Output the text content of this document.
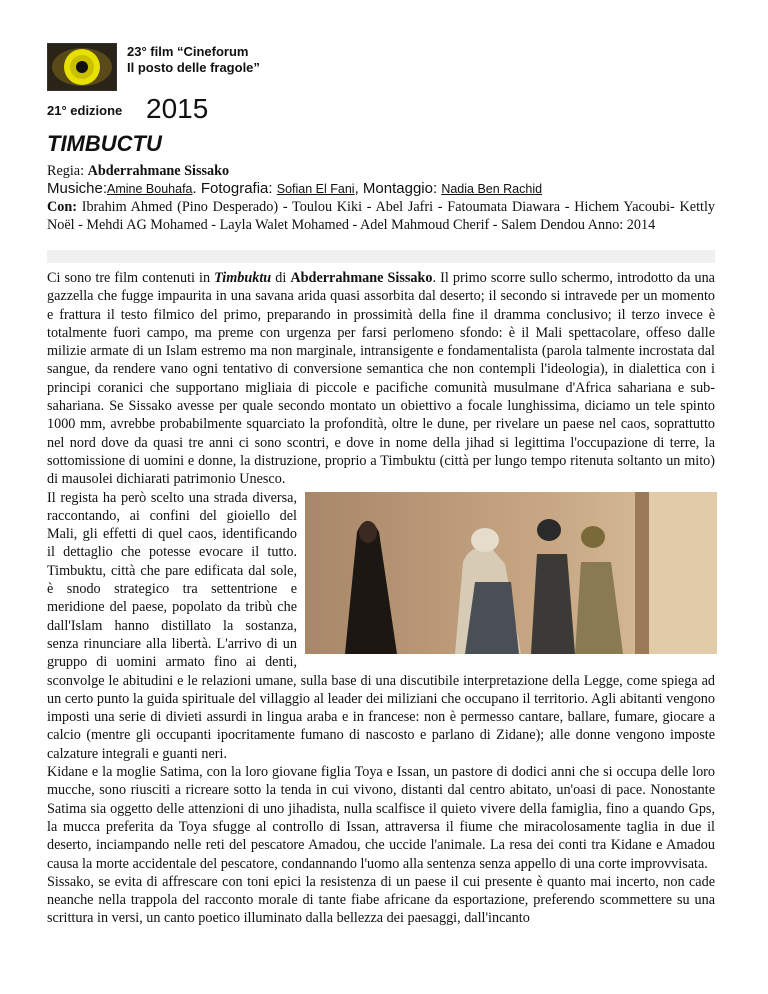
23° film “Cineforum
Il posto delle fragole”
21° edizione 2015
TIMBUCTU

Regia: Abderrahmane Sissako

Musiche:Amine Bouhafa. Fotografia: Sofian El Fani, Montaggio: Nadia Ben Rachid

Con: Ibrahim Ahmed (Pino Desperado) - Toulou Kiki - Abel Jafri - Fatoumata Diawara - Hichem Yacoubi- Kettly Noël - Mehdi AG Mohamed - Layla Walet Mohamed - Adel Mahmoud Cherif - Salem Dendou Anno: 2014

Ci sono tre film contenuti in Timbuktu di Abderrahmane Sissako. Il primo scorre sullo schermo, introdotto da una gazzella che fugge impaurita in una savana arida quasi assorbita dal deserto; il secondo si intravede per un momento e frattura il testo filmico del primo, preparando in prossimità della fine il dramma conclusivo; il terzo invece è totalmente fuori campo, ma preme con urgenza per farsi perlomeno sfondo: è il Mali spettacolare, offeso dalle milizie armate di un Islam estremo ma non marginale, intransigente e fondamentalista (parola talmente incrostata dal sangue, da rendere vano ogni tentativo di conversione semantica che non contempli l'ideologia), in dialettica con i principi coranici che supportano migliaia di piccole e pacifiche comunità musulmane d'Africa sahariana e sub-sahariana. Se Sissako avesse per quale secondo montato un obiettivo a focale lunghissima, diciamo un tele spinto 1000 mm, avrebbe probabilmente squarciato la profondità, oltre le dune, per rivelare un paese nel caos, soprattutto nel nord dove da quasi tre anni ci sono scontri, e dove in nome della jihad si legittima l'occupazione di terre, la sottomissione di uomini e donne, la distruzione, proprio a Timbuktu (città per lungo tempo ritenuta soltanto un mito) di mausolei dichiarati patrimonio Unesco.

Il regista ha però scelto una strada diversa, raccontando, ai confini del gioiello del Mali, gli effetti di quel caos, identificando il dettaglio che potesse evocare il tutto. Timbuktu, città che pare edificata dal sole, è snodo strategico tra settentrione e meridione del paese, popolato da tribù che dall'Islam hanno distillato la sostanza, senza rinunciare alla libertà. L'arrivo di un gruppo di uomini armato fino ai denti, sconvolge le abitudini e le relazioni umane, sulla base di una discutibile interpretazione della Legge, come spiega ad un certo punto la guida spirituale del villaggio al leader dei miliziani che occupano il territorio. Agli abitanti vengono imposti una serie di divieti assurdi in lingua araba e in francese: non è permesso cantare, ballare, fumare, giocare a calcio (mentre gli occupanti ipocritamente fumano di nascosto e parlano di Zidane); alle donne vengono imposte calzature integrali e guanti neri.

Kidane e la moglie Satima, con la loro giovane figlia Toya e Issan, un pastore di dodici anni che si occupa delle loro mucche, sono riusciti a ricreare sotto la tenda in cui vivono, distanti dal centro abitato, un'oasi di pace. Nonostante Satima sia oggetto delle attenzioni di uno jihadista, nulla scalfisce il quieto vivere della famiglia, fino a quando Gps, la mucca preferita da Toya sfugge al controllo di Issan, attraversa il fiume che miracolosamente taglia in due il deserto, inciampando nelle reti del pescatore Amadou, che uccide l'animale. La resa dei conti tra Kidane e Amadou causa la morte accidentale del pescatore, condannando l'uomo alla sentenza senza appello di una corte improvvisata.

Sissako, se evita di affrescare con toni epici la resistenza di un paese il cui presente è quanto mai incerto, non cade neanche nella trappola del racconto morale di tante fiabe africane da esportazione, preferendo scommettere su una scrittura in versi, un canto poetico illuminato dalla bellezza dei paesaggi, dall'incanto
